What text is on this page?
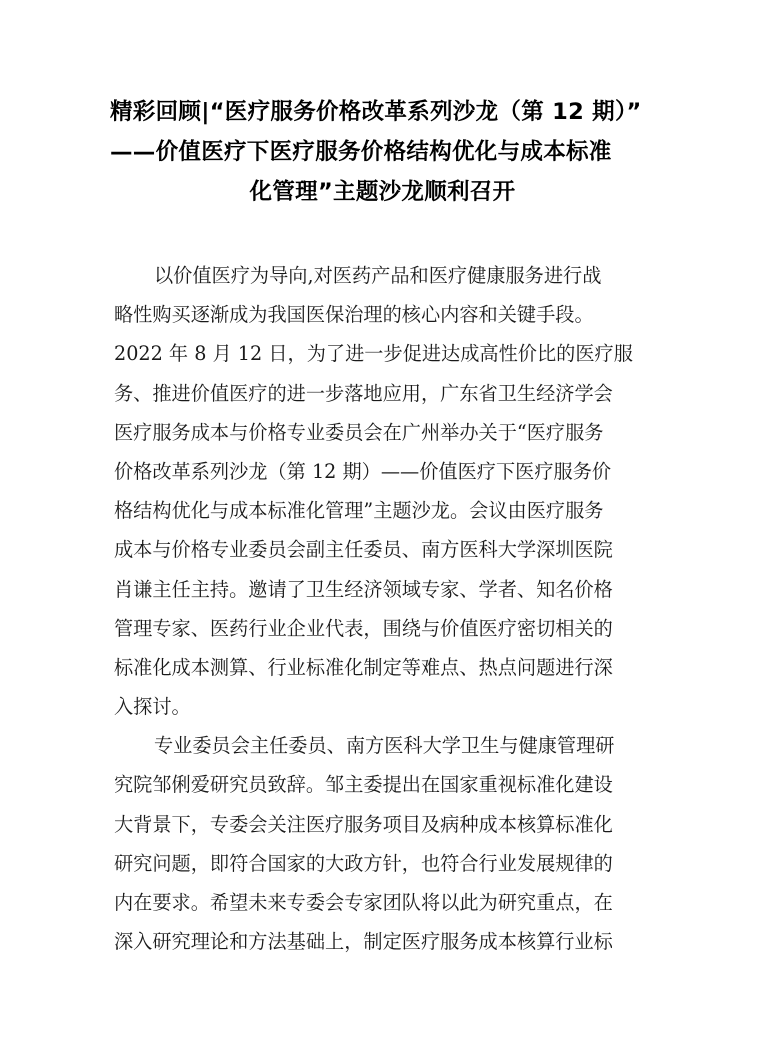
精彩回顾|“医疗服务价格改革系列沙龙（第 12 期）”
——价值医疗下医疗服务价格结构优化与成本标准
化管理”主题沙龙顺利召开
以价值医疗为导向,对医药产品和医疗健康服务进行战
略性购买逐渐成为我国医保治理的核心内容和关键手段。
2022 年 8 月 12 日，为了进一步促进达成高性价比的医疗服
务、推进价值医疗的进一步落地应用，广东省卫生经济学会
医疗服务成本与价格专业委员会在广州举办关于“医疗服务
价格改革系列沙龙（第 12 期）——价值医疗下医疗服务价
格结构优化与成本标准化管理”主题沙龙。会议由医疗服务
成本与价格专业委员会副主任委员、南方医科大学深圳医院
肖谦主任主持。邀请了卫生经济领域专家、学者、知名价格
管理专家、医药行业企业代表，围绕与价值医疗密切相关的
标准化成本测算、行业标准化制定等难点、热点问题进行深
入探讨。
专业委员会主任委员、南方医科大学卫生与健康管理研
究院邹俐爱研究员致辞。邹主委提出在国家重视标准化建设
大背景下，专委会关注医疗服务项目及病种成本核算标准化
研究问题，即符合国家的大政方针，也符合行业发展规律的
内在要求。希望未来专委会专家团队将以此为研究重点，在
深入研究理论和方法基础上，制定医疗服务成本核算行业标
